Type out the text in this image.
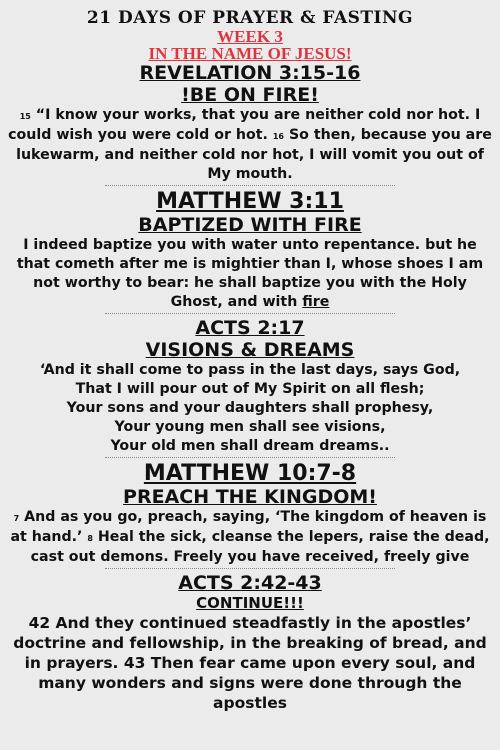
21 DAYS OF PRAYER & FASTING
WEEK 3
IN THE NAME OF JESUS!
REVELATION 3:15-16
!BE ON FIRE!
15 “I know your works, that you are neither cold nor hot. I could wish you were cold or hot. 16 So then, because you are lukewarm, and neither cold nor hot, I will vomit you out of My mouth.
MATTHEW 3:11
BAPTIZED WITH FIRE
I indeed baptize you with water unto repentance. but he that cometh after me is mightier than I, whose shoes I am not worthy to bear: he shall baptize you with the Holy Ghost, and with fire
ACTS 2:17
VISIONS & DREAMS
‘And it shall come to pass in the last days, says God,
That I will pour out of My Spirit on all flesh;
Your sons and your daughters shall prophesy,
Your young men shall see visions,
Your old men shall dream dreams..
MATTHEW 10:7-8
PREACH THE KINGDOM!
7 And as you go, preach, saying, ‘The kingdom of heaven is at hand.’ 8 Heal the sick, cleanse the lepers, raise the dead, cast out demons. Freely you have received, freely give
ACTS 2:42-43
CONTINUE!!!
42 And they continued steadfastly in the apostles’ doctrine and fellowship, in the breaking of bread, and in prayers. 43 Then fear came upon every soul, and many wonders and signs were done through the apostles
